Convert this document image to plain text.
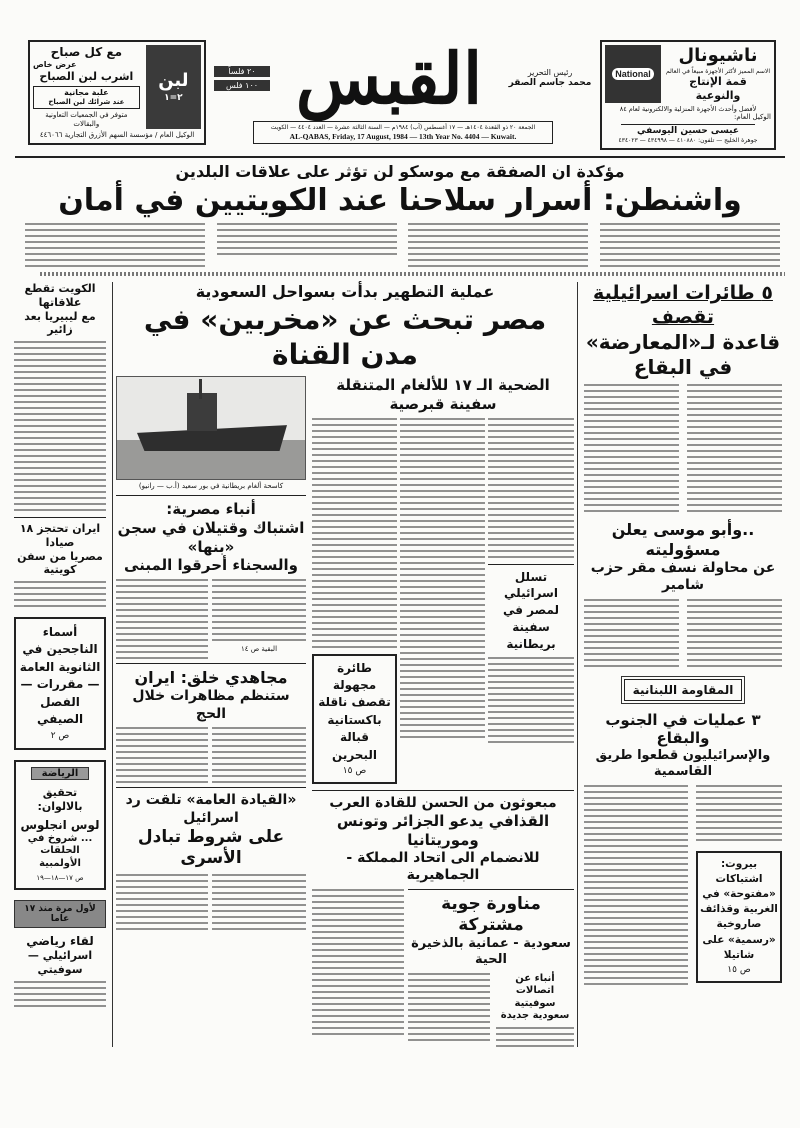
مع كل صباح
عرض خاص
اشرب لبن الصباح
علبة مجانية
عند شرائك لبن الصباح
متوفر في الجمعيات التعاونية والبقالات
لبن
٢=١
الوكيل العام / مؤسسة السهم الأزرق التجارية ٤٤٦٠٦٦
٢٠ فلساً
١٠٠ فلس القبس	رئيس التحرير
محمد جاسم الصقر
الجمعة ٢٠ ذو القعدة ١٤٠٤هـ — ١٧ أغسطس (آب) ١٩٨٤م — السنة الثالثة عشرة — العدد ٤٤٠٤ — الكويت
AL-QABAS, Friday, 17 August, 1984 — 13th Year No. 4404 — Kuwait.
National
ناشيونال
الاسم المميز لأكثر الأجهزة مبيعاً في العالم
قمة الإنتاج والنوعية
لأفضل وأحدث الأجهزة المنزلية والالكترونية لعام ٨٤
الوكيل العام:
عيسى حسين اليوسفي
جوهرة الخليج — تلفون: ٤١٠٨٨٠ — ٤٣٤٩٩٨ — ٤٣٤٠٢٣
مؤكدة ان الصفقة مع موسكو لن تؤثر على علاقات البلدين
واشنطن: أسرار سلاحنا عند الكويتيين في أمان
الكويت تقطع علاقاتها
مع ليبيريا بعد زائير
ايران تحتجز ١٨ صيادا
مصريا من سفن كويتية
أسماء الناجحين في الثانوية العامة — مقررات — الفصل الصيفي
ص ٢
الرياضة
تحقيق بالالوان:
لوس انجلوس
... شروخ في الحلقات الأولمبية
ص ١٧—١٨—١٩
لأول مرة منذ ١٧ عاما
لقاء رياضي
اسرائيلي — سوفيتي
عملية التطهير بدأت بسواحل السعودية
مصر تبحث عن «مخربين» في مدن القناة
كاسحة ألغام بريطانية في بور سعيد (أ.ب — رانيو)
أنباء مصرية:
اشتباك وقتيلان في سجن «بنها»
والسجناء أحرقوا المبنى
البقية ص ١٤
مجاهدي خلق: ايران
ستنظم مظاهرات خلال الحج
«القيادة العامة» تلقت رد اسرائيل
على شروط تبادل الأسرى
الضحية الـ ١٧ للألغام المتنقلة سفينة قبرصية
طائرة مجهولة تقصف ناقلة باكستانية قبالة البحرين
ص ١٥
تسلل اسرائيلي لمصر في سفينة بريطانية
مبعوثون من الحسن للقادة العرب
القذافي يدعو الجزائر وتونس وموريتانيا
للانضمام الى اتحاد المملكة - الجماهيرية
مناورة جوية مشتركة
سعودية - عمانية بالذخيرة الحية
أنباء عن اتصالات
سوفيتية سعودية جديدة
٥ طائرات اسرائيلية تقصف
قاعدة لـ«المعارضة» في البقاع
..وأبو موسى يعلن مسؤوليته
عن محاولة نسف مقر حزب شامير
المقاومة اللبنانية
٣ عمليات في الجنوب والبقاع
والإسرائيليون قطعوا طريق القاسمية
بيروت: اشتباكات «مفتوحة» في الغربية وقذائف صاروخية «رسمية» على شاتيلا
ص ١٥
